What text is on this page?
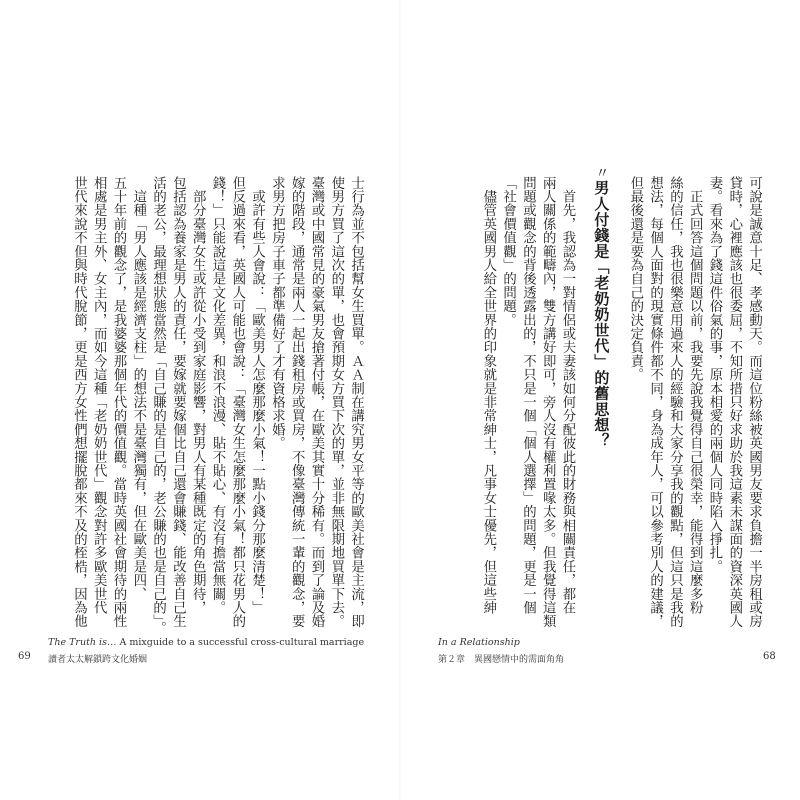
The Truth is… A mixguide to a successful cross-cultural marriage
讀者太太解鎖跨文化婚姻
69
In a Relationship
第２章　異國戀情中的需面角角	68
士行為並不包括幫女生買單。ＡＡ制在講究男女平等的歐美社會是主流，即
使男方買了這次的單，也會預期女方買下次的單，並非無限期地買單下去。
臺灣或中國常見的豪氣男友搶著付帳，在歐美其實十分稀有。而到了論及婚
嫁的階段，通常是兩人一起出錢租房或買房，不像臺灣傳統一輩的觀念，要
求男方把房子車子都準備好了才有資格求婚。
　或許有些人會說：「歐美男人怎麼那麼小氣！一點小錢分那麼清楚！」
但反過來看，英國人可能也會說：「臺灣女生怎麼那麼小氣！都只花男人的
錢！」只能說這是文化差異，和浪不浪漫、貼不貼心、有沒有擔當無關。
　部分臺灣女生或許從小受到家庭影響，對男人有某種既定的角色期待，
包括認為養家是男人的責任，要嫁就要嫁個比自己還會賺錢、能改善自己生
活的老公，最理想狀態當然是「自己賺的是自己的，老公賺的也是自己的」。
　這種「男人應該是經濟支柱」的想法不是臺灣獨有，但在歐美是四、
五十年前的觀念了，是我婆婆那個年代的價值觀。當時英國社會期待的兩性
相處是男主外、女主內，而如今這種「老奶奶世代」觀念對許多歐美世代
世代來說不但與時代脫節，更是西方女性們想擺脫都來不及的桎梏，因為他	可說是誠意十足、孝感動天。而這位粉絲被英國男友要求負擔一半房租或房
貸時，心裡應該也很委屈，不知所措只好求助於我這素未謀面的資深英國人
妻。看來為了錢這件俗氣的事，原本相愛的兩個人同時陷入掙扎。
　正式回答這個問題以前，我要先說我覺得自己很榮幸，能得到這麼多粉
絲的信任，我也很樂意用過來人的經驗和大家分享我的觀點，但這只是我的
想法，每個人面對的現實條件都不同，身為成年人，可以參考別人的建議，
但最後還是要為自己的決定負責。
〃
男人付錢是「老奶奶世代」的舊思想？
　首先，我認為一對情侶或夫妻該如何分配彼此的財務與相關責任，都在
兩人關係的範疇內，雙方講好即可，旁人沒有權利置喙太多。但我覺得這類
問題或觀念的背後透露出的，不只是一個「個人選擇」的問題，更是一個
「社會價值觀」的問題。
　儘管英國男人給全世界的印象就是非常紳士，凡事女士優先，但這些紳
